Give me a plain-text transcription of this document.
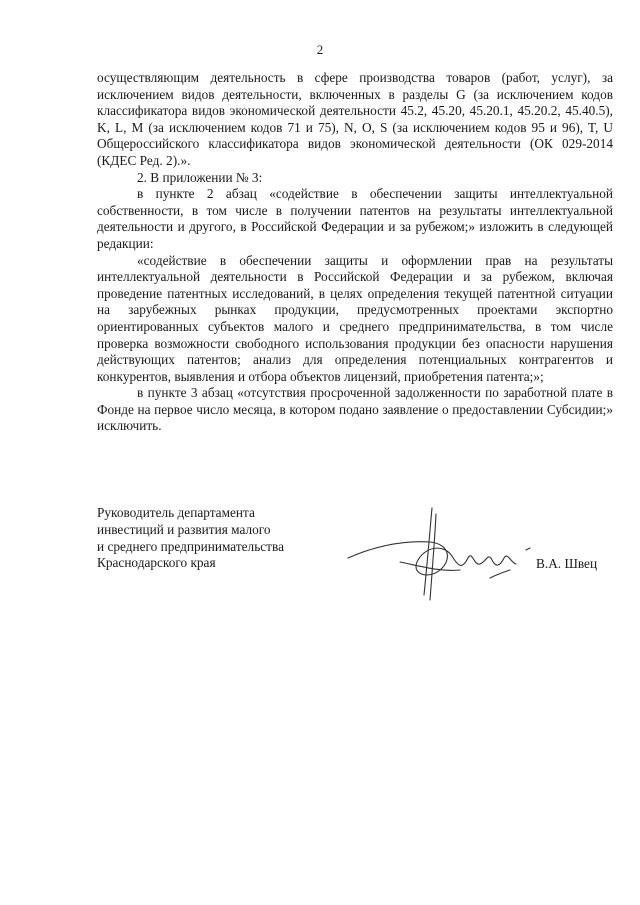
2

осуществляющим деятельность в сфере производства товаров (работ, услуг), за исключением видов деятельности, включенных в разделы G (за исключением кодов классификатора видов экономической деятельности 45.2, 45.20, 45.20.1, 45.20.2, 45.40.5), K, L, M (за исключением кодов 71 и 75), N, O, S (за исключением кодов 95 и 96), T, U Общероссийского классификатора видов экономической деятельности (ОК 029-2014 (КДЕС Ред. 2).».

2. В приложении № 3:

в пункте 2 абзац «содействие в обеспечении защиты интеллектуальной собственности, в том числе в получении патентов на результаты интеллектуальной деятельности и другого, в Российской Федерации и за рубежом;» изложить в следующей редакции:

«содействие в обеспечении защиты и оформлении прав на результаты интеллектуальной деятельности в Российской Федерации и за рубежом, включая проведение патентных исследований, в целях определения текущей патентной ситуации на зарубежных рынках продукции, предусмотренных проектами экспортно ориентированных субъектов малого и среднего предпринимательства, в том числе проверка возможности свободного использования продукции без опасности нарушения действующих патентов; анализ для определения потенциальных контрагентов и конкурентов, выявления и отбора объектов лицензий, приобретения патента;»;

в пункте 3 абзац «отсутствия просроченной задолженности по заработной плате в Фонде на первое число месяца, в котором подано заявление о предоставлении Субсидии;» исключить.

Руководитель департамента
инвестиций и развития малого
и среднего предпринимательства
Краснодарского края	В.А. Швец
